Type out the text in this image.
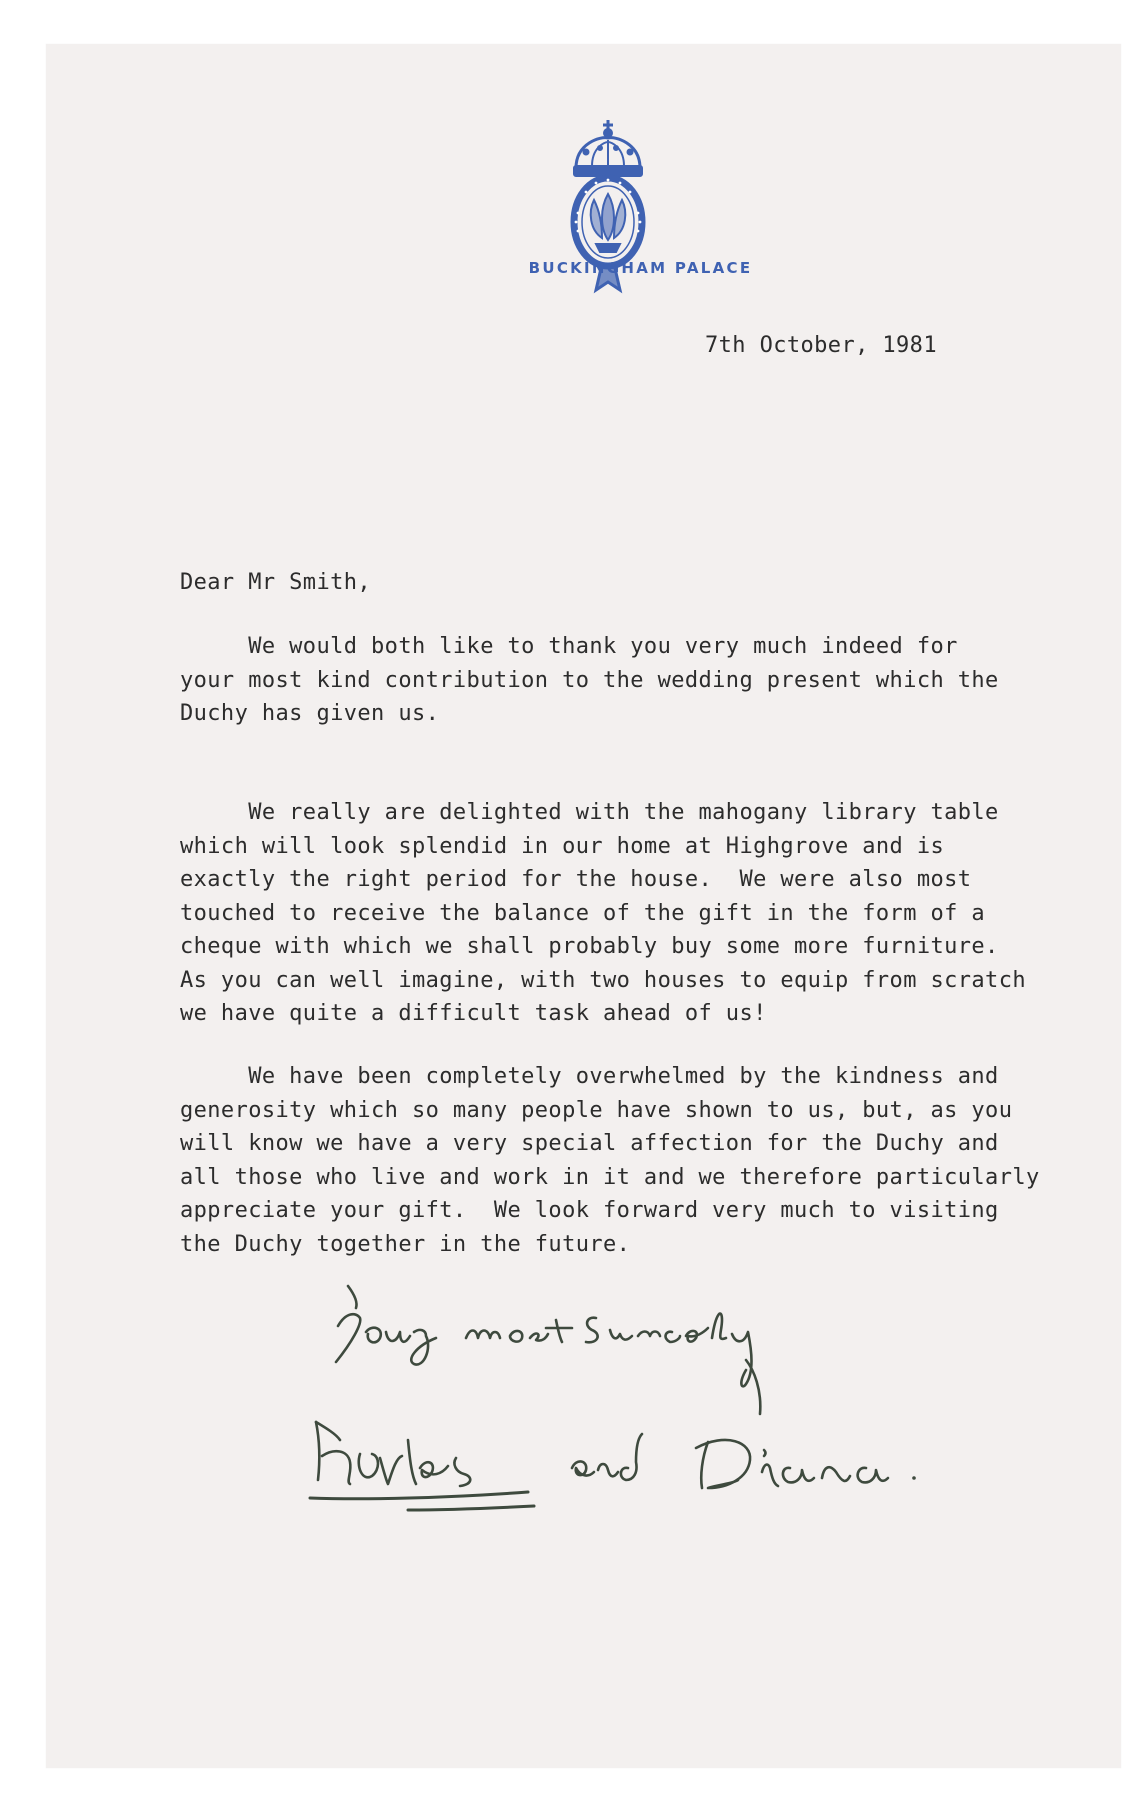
BUCKINGHAM PALACE
7th October, 1981
Dear Mr Smith,
We would both like to thank you very much indeed for
your most kind contribution to the wedding present which the
Duchy has given us.
We really are delighted with the mahogany library table
which will look splendid in our home at Highgrove and is
exactly the right period for the house.  We were also most
touched to receive the balance of the gift in the form of a
cheque with which we shall probably buy some more furniture.
As you can well imagine, with two houses to equip from scratch
we have quite a difficult task ahead of us!
We have been completely overwhelmed by the kindness and
generosity which so many people have shown to us, but, as you
will know we have a very special affection for the Duchy and
all those who live and work in it and we therefore particularly
appreciate your gift.  We look forward very much to visiting
the Duchy together in the future.
